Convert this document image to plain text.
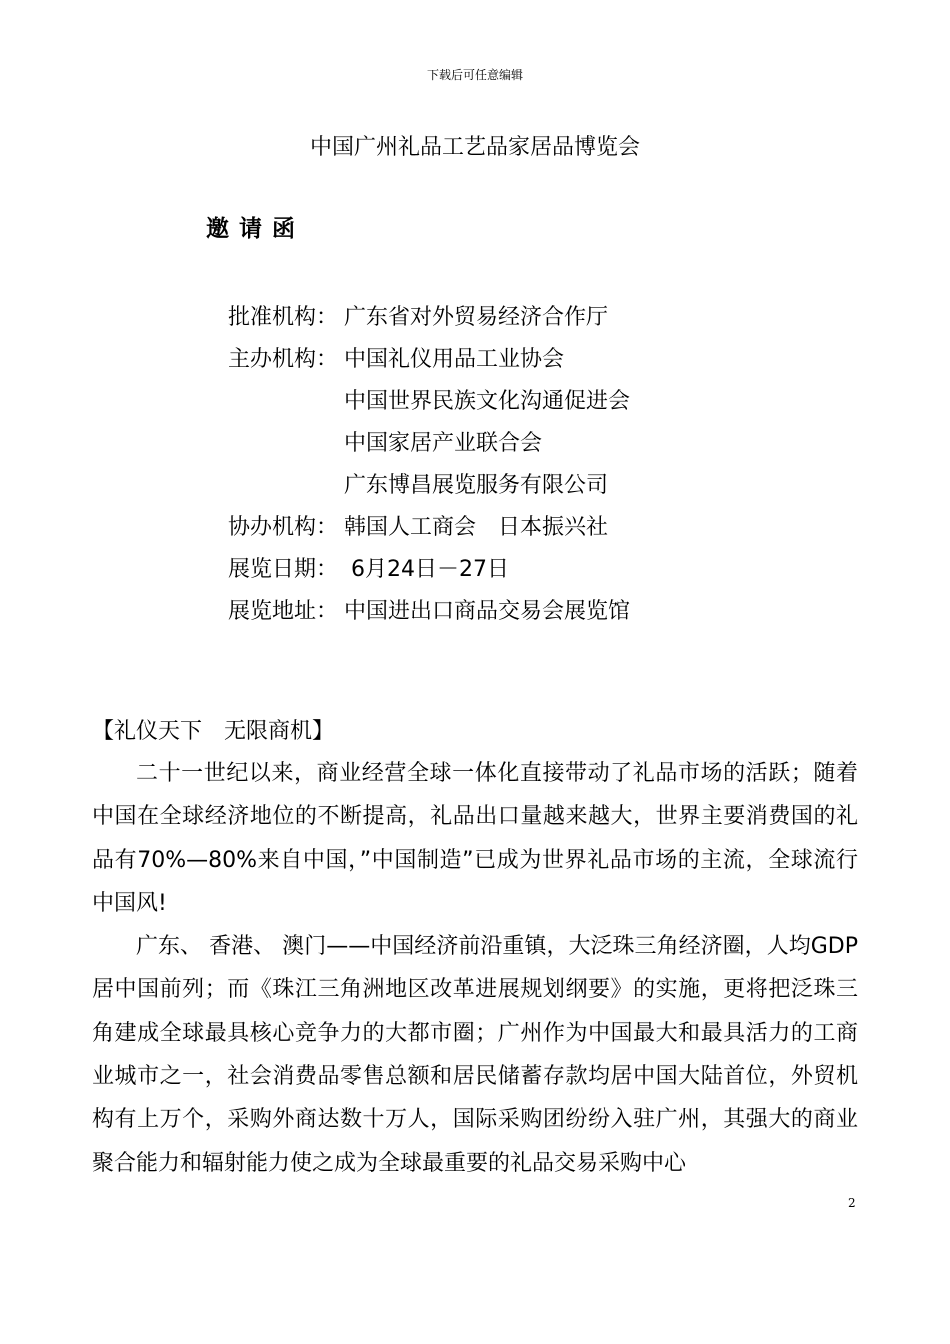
下载后可任意编辑
中国广州礼品工艺品家居品博览会
邀请函
批准机构： 广东省对外贸易经济合作厅
主办机构： 中国礼仪用品工业协会
中国世界民族文化沟通促进会
中国家居产业联合会
广东博昌展览服务有限公司
协办机构： 韩国人工商会　日本振兴社
展览日期： 6月24日－27日
展览地址： 中国进出口商品交易会展览馆
【礼仪天下　无限商机】

二十一世纪以来，商业经营全球一体化直接带动了礼品市场的活跃；随着中国在全球经济地位的不断提高，礼品出口量越来越大，世界主要消费国的礼品有70%—80%来自中国，”中国制造”已成为世界礼品市场的主流，全球流行中国风!

广东、 香港、 澳门——中国经济前沿重镇，大泛珠三角经济圈，人均GDP居中国前列；而《珠江三角洲地区改革进展规划纲要》的实施，更将把泛珠三角建成全球最具核心竞争力的大都市圈；广州作为中国最大和最具活力的工商业城市之一，社会消费品零售总额和居民储蓄存款均居中国大陆首位，外贸机构有上万个，采购外商达数十万人，国际采购团纷纷入驻广州，其强大的商业聚合能力和辐射能力使之成为全球最重要的礼品交易采购中心

2
